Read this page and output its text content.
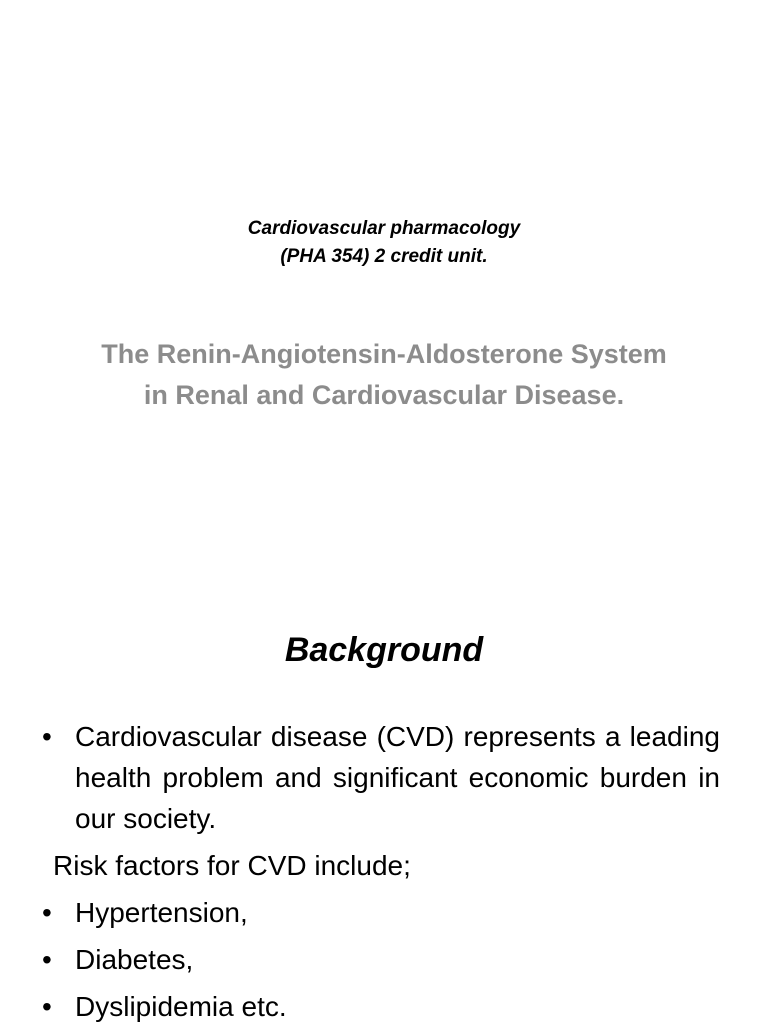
Cardiovascular pharmacology
(PHA 354) 2 credit unit.
The Renin-Angiotensin-Aldosterone System in Renal and Cardiovascular Disease.
Background
• Cardiovascular disease (CVD) represents a leading health problem and significant economic burden in our society.
Risk factors for CVD include;
• Hypertension,
• Diabetes,
• Dyslipidemia etc.
